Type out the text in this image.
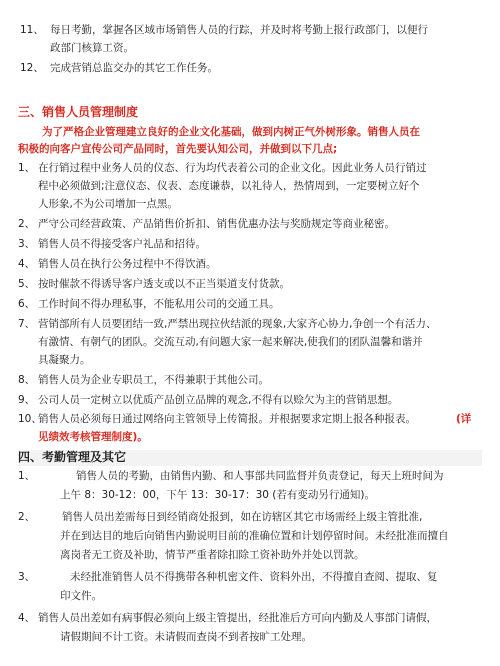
11、 每日考勤，掌握各区域市场销售人员的行踪，并及时将考勤上报行政部门，以便行
政部门核算工资。
12、 完成营销总监交办的其它工作任务。
三、销售人员管理制度
为了严格企业管理建立良好的企业文化基础，做到内树正气外树形象。销售人员在
积极的向客户宣传公司产品同时，首先要认知公司，并做到以下几点;
1、 在行销过程中业务人员的仪态、行为均代表着公司的企业文化。因此业务人员行销过
程中必须做到;注意仪态、仪表、态度谦恭，以礼待人，热情周到，一定要树立好个
人形象,不为公司增加一点黑。
2、 严守公司经营政策、产品销售价折扣、销售优惠办法与奖励规定等商业秘密。
3、 销售人员不得接受客户礼品和招待。
4、 销售人员在执行公务过程中不得饮酒。
5、 按时催款不得诱导客户透支或以不正当渠道支付货款。
6、 工作时间不得办理私事，不能私用公司的交通工具。
7、 营销部所有人员要团结一致,严禁出现拉伙结派的现象,大家齐心协力,争创一个有活力、
有激情、有朝气的团队。交流互动,有问题大家一起来解决,使我们的团队温馨和谐并
具凝聚力。
8、 销售人员为企业专职员工，不得兼职于其他公司。
9、 公司人员一定树立以优质产品创立品牌的观念,不得有以赊欠为主的营销思想。
10、
销售人员必须每日通过网络向主管领导上传简报。并根据要求定期上报各种报表。	(详
见绩效考核管理制度)。
四、考勤管理及其它
1、	销售人员的考勤，由销售内勤、和人事部共同监督并负责登记，每天上班时间为
上午 8：30-12：00，下午 13：30-17：30 (若有变动另行通知)。
2、	销售人员出差需每日到经销商处报到，如在访辖区其它市场需经上级主管批准,
并在到达目的地后向销售内勤说明目前的准确位置和计划停留时间。未经批准而擅自
离岗者无工资及补助，情节严重者除扣除工资补助外并处以罚款。
3、	未经批准销售人员不得携带各种机密文件、资料外出，不得擅自查阅、提取、复
印文件。
4、 销售人员出差如有病事假必须向上级主管提出，经批准后方可向内勤及人事部门请假，
请假期间不计工资。未请假而查岗不到者按旷工处理。
